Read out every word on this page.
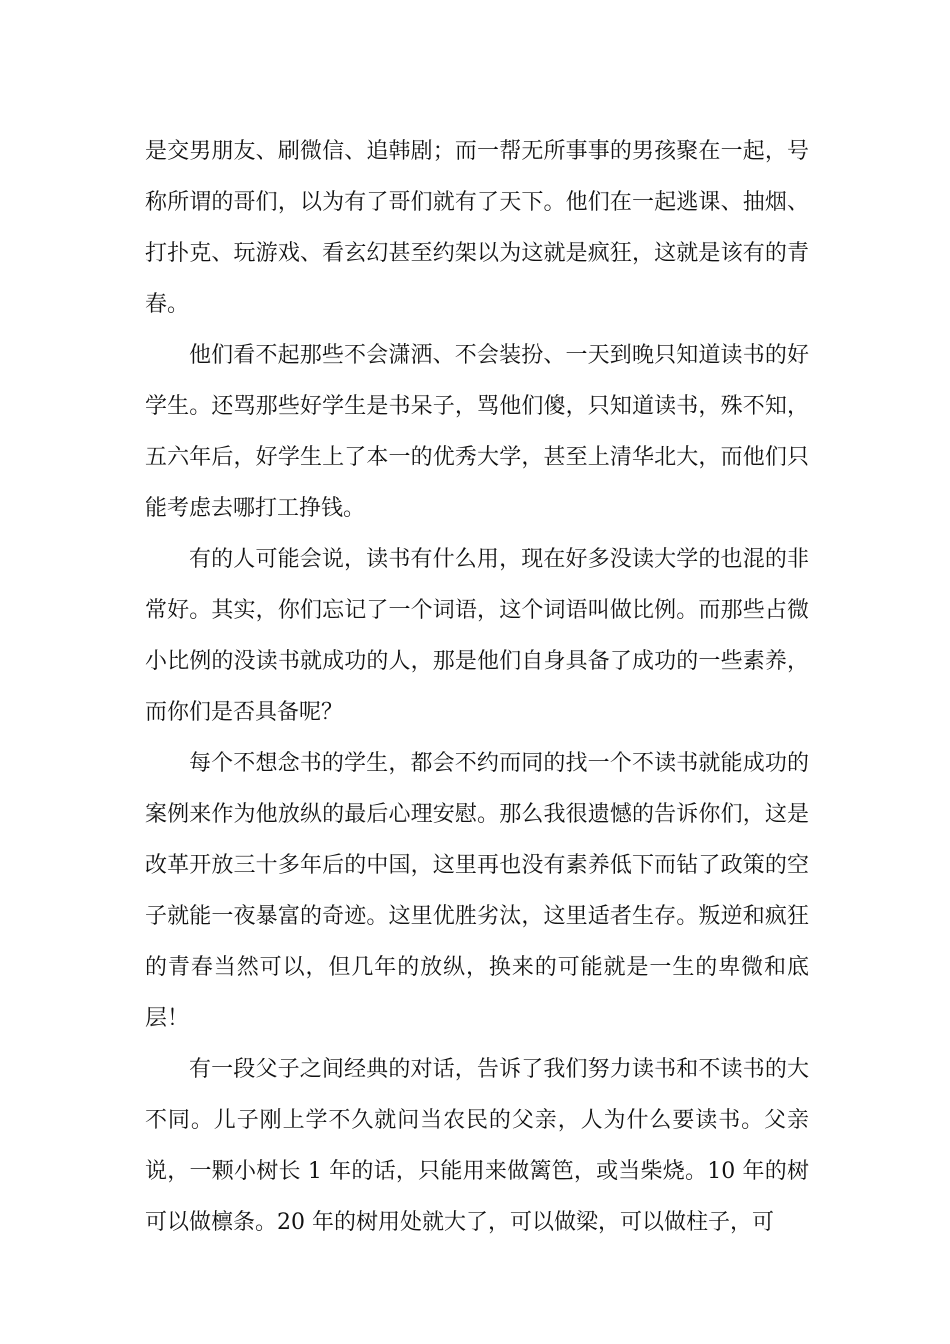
是交男朋友、刷微信、追韩剧；而一帮无所事事的男孩聚在一起，号称所谓的哥们，以为有了哥们就有了天下。他们在一起逃课、抽烟、打扑克、玩游戏、看玄幻甚至约架以为这就是疯狂，这就是该有的青春。

他们看不起那些不会潇洒、不会装扮、一天到晚只知道读书的好学生。还骂那些好学生是书呆子，骂他们傻，只知道读书，殊不知，五六年后，好学生上了本一的优秀大学，甚至上清华北大，而他们只能考虑去哪打工挣钱。

有的人可能会说，读书有什么用，现在好多没读大学的也混的非常好。其实，你们忘记了一个词语，这个词语叫做比例。而那些占微小比例的没读书就成功的人，那是他们自身具备了成功的一些素养，而你们是否具备呢？

每个不想念书的学生，都会不约而同的找一个不读书就能成功的案例来作为他放纵的最后心理安慰。那么我很遗憾的告诉你们，这是改革开放三十多年后的中国，这里再也没有素养低下而钻了政策的空子就能一夜暴富的奇迹。这里优胜劣汰，这里适者生存。叛逆和疯狂的青春当然可以，但几年的放纵，换来的可能就是一生的卑微和底层！

有一段父子之间经典的对话，告诉了我们努力读书和不读书的大不同。儿子刚上学不久就问当农民的父亲，人为什么要读书。父亲说，一颗小树长 1 年的话，只能用来做篱笆，或当柴烧。10 年的树可以做檩条。20 年的树用处就大了，可以做梁，可以做柱子，可
